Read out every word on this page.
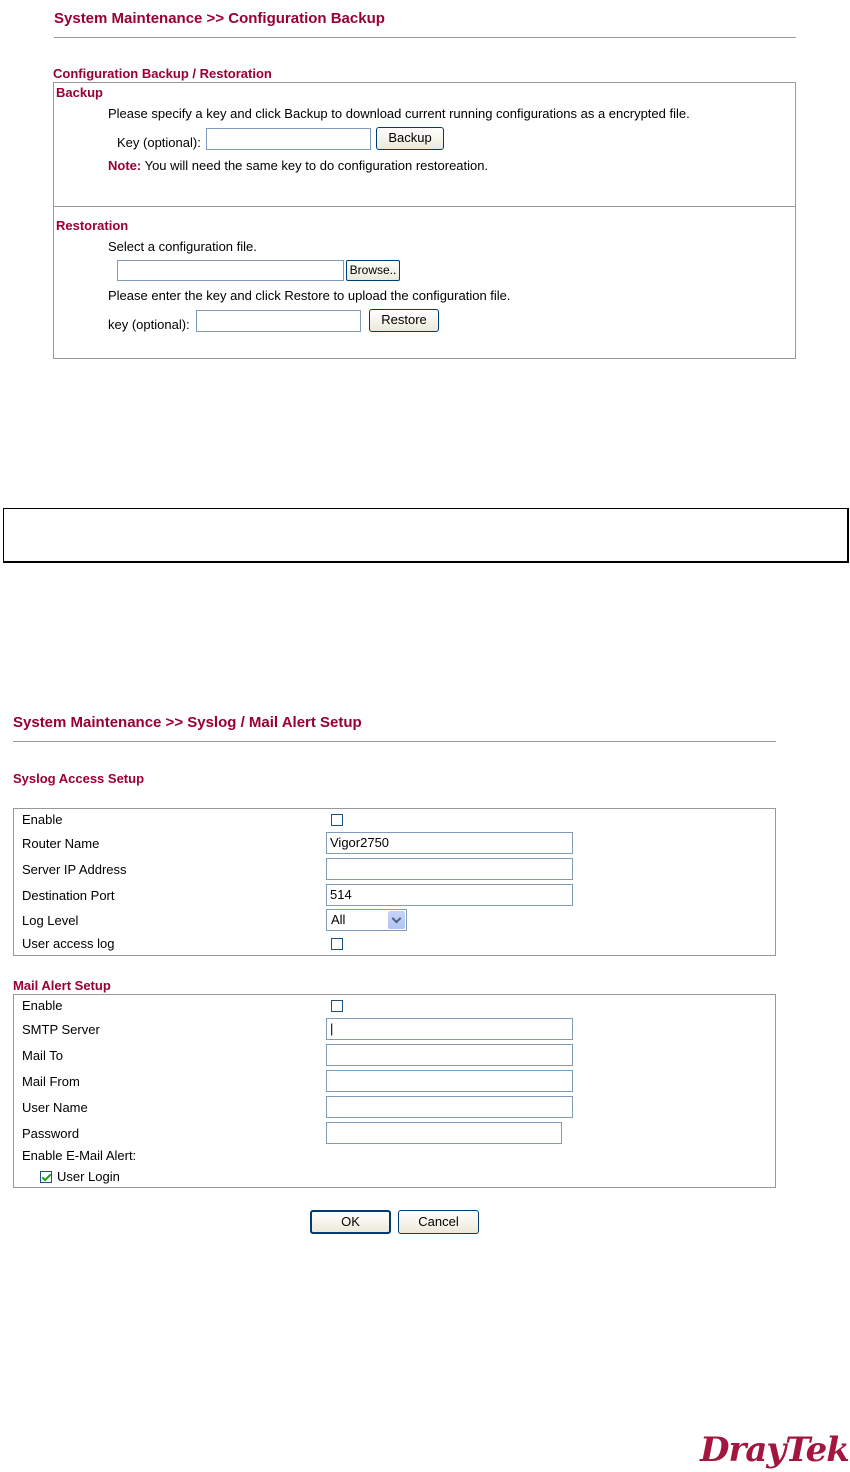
System Maintenance >> Configuration Backup
Configuration Backup / Restoration
Backup
Please specify a key and click Backup to download current running configurations as a encrypted file.
Key (optional):	Backup
Note: You will need the same key to do configuration restoreation.
Restoration
Select a configuration file.
Browse..
Please enter the key and click Restore to upload the configuration file.
key (optional):	Restore
System Maintenance >> Syslog / Mail Alert Setup
Syslog Access Setup
Enable
Router Name	Vigor2750
Server IP Address
Destination Port	514
Log Level	All
User access log
Mail Alert Setup
Enable
SMTP Server	|
Mail To
Mail From
User Name
Password
Enable E-Mail Alert:
User Login
OK	Cancel
DrayTek
